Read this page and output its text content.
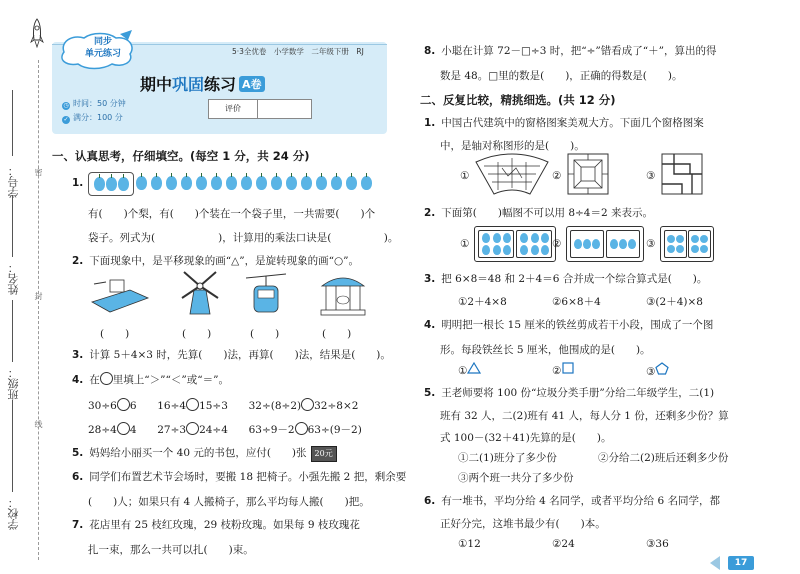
密
封
线
学号：
姓名：
班级：
学校：
同步
单元练习	5·3全优卷　小学数学　二年级下册　RJ
期中巩固练习 A卷
◷ 时间：50 分钟
✓ 满分：100 分
评价
一、认真思考，仔细填空。(每空 1 分，共 24 分)
1.
有(　　)个梨，有(　　)个装在一个袋子里，一共需要(　　)个
袋子。列式为(　　　　　　)，计算用的乘法口诀是(　　　　　)。
2. 下面现象中，是平移现象的画“△”，是旋转现象的画“○”。
(　　)	(　　)	(　　)	(　　)
3. 计算 5＋4×3 时，先算(　　)法，再算(　　)法，结果是(　　)。
4. 在 里填上“＞”“＜”或“＝”。
30÷6 6 16÷4 15÷3 32÷(8÷2) 32÷8×2
28÷4 4 27÷3 24÷4 63÷9－2 63÷(9－2)
5. 妈妈给小丽买一个 40 元的书包，应付(　　)张 20元
6. 同学们布置艺术节会场时，要搬 18 把椅子。小强先搬 2 把，剩余要
(　　)人；如果只有 4 人搬椅子，那么平均每人搬(　　)把。
7. 花店里有 25 枝红玫瑰，29 枝粉玫瑰。如果每 9 枝玫瑰花
扎一束，那么一共可以扎(　　)束。
8. 小聪在计算 72－□÷3 时，把“÷”错看成了“＋”，算出的得
数是 48。□里的数是(　　)，正确的得数是(　　)。
二、反复比较，精挑细选。(共 12 分)
1. 中国古代建筑中的窗格图案美观大方。下面几个窗格图案
中，是轴对称图形的是(　　)。
①	②	③
2. 下面第(　　)幅图不可以用 8÷4＝2 来表示。
①	②	③
3. 把 6×8＝48 和 2＋4＝6 合并成一个综合算式是(　　)。
①2＋4×8	②6×8＋4	③(2＋4)×8
4. 明明把一根长 15 厘米的铁丝剪成若干小段，围成了一个图
形。每段铁丝长 5 厘米，他围成的是(　　)。
①	②	③
5. 王老师要将 100 份“垃圾分类手册”分给二年级学生，二(1)
班有 32 人，二(2)班有 41 人，每人分 1 份，还剩多少份？算
式 100－(32＋41)先算的是(　　)。
①二(1)班分了多少份	②分给二(2)班后还剩多少份
③两个班一共分了多少份
6. 有一堆书，平均分给 4 名同学，或者平均分给 6 名同学，都
正好分完，这堆书最少有(　　)本。
①12	②24	③36
17
